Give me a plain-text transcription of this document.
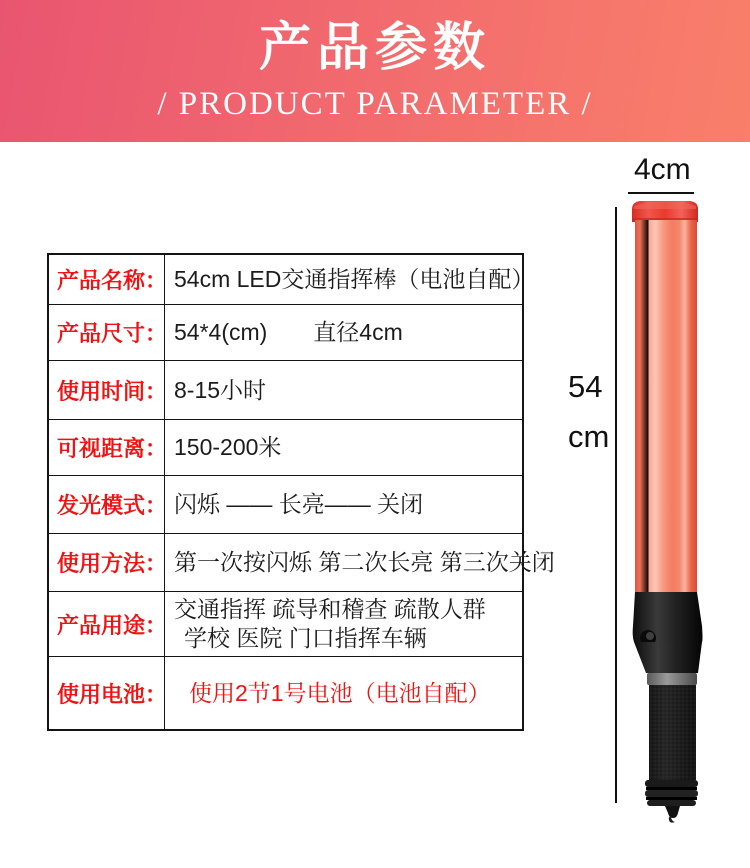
产品参数
/ PRODUCT PARAMETER /
产品名称： 54cm LED交通指挥棒（电池自配）
产品尺寸： 54*4(cm)　　直径4cm
使用时间： 8-15小时
可视距离： 150-200米
发光模式： 闪烁 —— 长亮—— 关闭
使用方法： 第一次按闪烁 第二次长亮 第三次关闭
产品用途：
交通指挥 疏导和稽查 疏散人群
学校 医院 门口指挥车辆
使用电池： 使用2节1号电池（电池自配）
4cm
54
cm
